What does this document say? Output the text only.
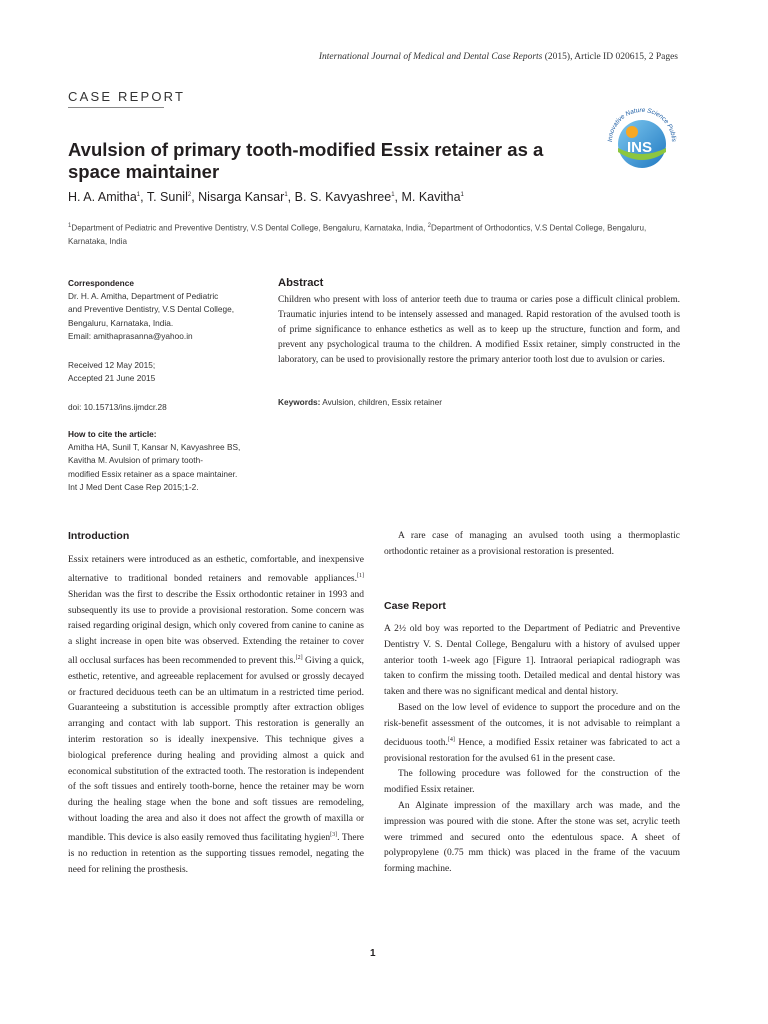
International Journal of Medical and Dental Case Reports (2015), Article ID 020615, 2 Pages
CASE REPORT
INS
Innovative Nature Science Publis
Avulsion of primary tooth-modified Essix retainer as a space maintainer
H. A. Amitha$^1$, T. Sunil$^2$, Nisarga Kansar$^1$, B. S. Kavyashree$^1$, M. Kavitha$^1$
$^1$Department of Pediatric and Preventive Dentistry, V.S Dental College, Bengaluru, Karnataka, India, $^2$Department of Orthodontics, V.S Dental College, Bengaluru, Karnataka, India
Correspondence
Dr. H. A. Amitha, Department of Pediatric
and Preventive Dentistry, V.S Dental College,
Bengaluru, Karnataka, India.
Email: amithaprasanna@yahoo.in
Received 12 May 2015;
Accepted 21 June 2015
doi: 10.15713/ins.ijmdcr.28
How to cite the article:
Amitha HA, Sunil T, Kansar N, Kavyashree BS,
Kavitha M. Avulsion of primary tooth-
modified Essix retainer as a space maintainer.
Int J Med Dent Case Rep 2015;1-2.
Abstract
Children who present with loss of anterior teeth due to trauma or caries pose a difficult clinical problem. Traumatic injuries intend to be intensely assessed and managed. Rapid restoration of the avulsed tooth is of prime significance to enhance esthetics as well as to keep up the structure, function and form, and prevent any psychological trauma to the children. A modified Essix retainer, simply constructed in the laboratory, can be used to provisionally restore the primary anterior tooth lost due to avulsion or caries.
Keywords: Avulsion, children, Essix retainer
Introduction

Essix retainers were introduced as an esthetic, comfortable, and inexpensive alternative to traditional bonded retainers and removable appliances.[1] Sheridan was the first to describe the Essix orthodontic retainer in 1993 and subsequently its use to provide a provisional restoration. Some concern was raised regarding original design, which only covered from canine to canine as a slight increase in open bite was observed. Extending the retainer to cover all occlusal surfaces has been recommended to prevent this.[2] Giving a quick, esthetic, retentive, and agreeable replacement for avulsed or grossly decayed or fractured deciduous teeth can be an ultimatum in a restricted time period. Guaranteeing a substitution is accessible promptly after extraction obliges arranging and contact with lab support. This restoration is generally an interim restoration so is ideally inexpensive. This technique gives a biological preference during healing and providing almost a quick and economical substitution of the extracted tooth. The restoration is independent of the soft tissues and entirely tooth-borne, hence the retainer may be worn during the healing stage when the bone and soft tissues are remodeling, without loading the area and also it does not affect the growth of maxilla or mandible. This device is also easily removed thus facilitating hygien[3]. There is no reduction in retention as the supporting tissues remodel, negating the need for relining the prosthesis.

A rare case of managing an avulsed tooth using a thermoplastic orthodontic retainer as a provisional restoration is presented.

Case Report

A 2½ old boy was reported to the Department of Pediatric and Preventive Dentistry V. S. Dental College, Bengaluru with a history of avulsed upper anterior tooth 1-week ago [Figure 1]. Intraoral periapical radiograph was taken to confirm the missing tooth. Detailed medical and dental history was taken and there was no significant medical and dental history.

Based on the low level of evidence to support the procedure and on the risk-benefit assessment of the outcomes, it is not advisable to reimplant a deciduous tooth.[4] Hence, a modified Essix retainer was fabricated to act a provisional restoration for the avulsed 61 in the present case.

The following procedure was followed for the construction of the modified Essix retainer.

An Alginate impression of the maxillary arch was made, and the impression was poured with die stone. After the stone was set, acrylic teeth were trimmed and secured onto the edentulous space. A sheet of polypropylene (0.75 mm thick) was placed in the frame of the vacuum forming machine.

1
